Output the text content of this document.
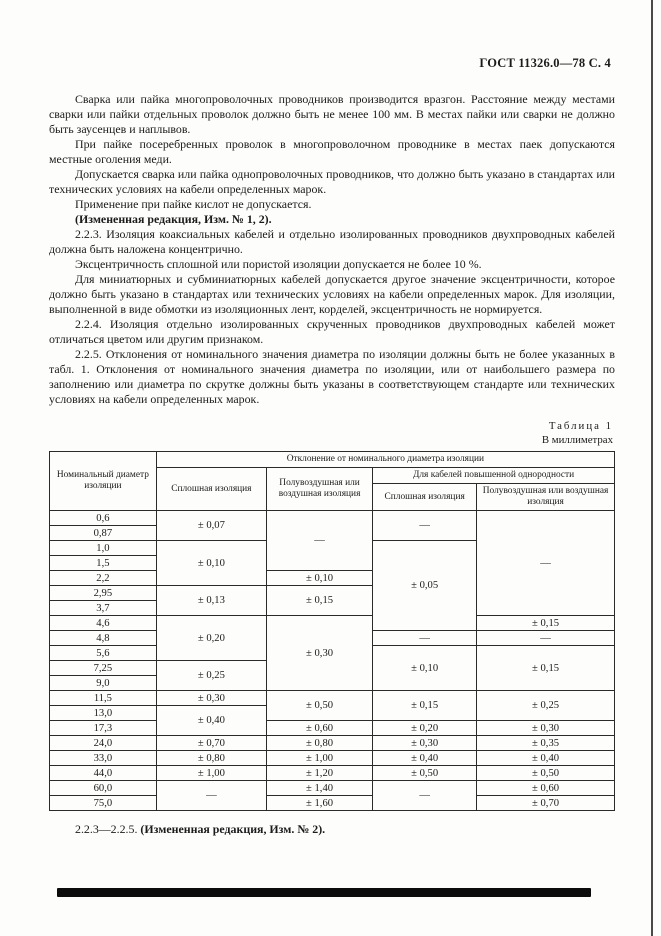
ГОСТ 11326.0—78 С. 4

Сварка или пайка многопроволочных проводников производится вразгон. Расстояние между местами сварки или пайки отдельных проволок должно быть не менее 100 мм. В местах пайки или сварки не должно быть заусенцев и наплывов.

При пайке посеребренных проволок в многопроволочном проводнике в местах паек допускаются местные оголения меди.

Допускается сварка или пайка однопроволочных проводников, что должно быть указано в стандартах или технических условиях на кабели определенных марок.

Применение при пайке кислот не допускается.

(Измененная редакция, Изм. № 1, 2).

2.2.3. Изоляция коаксиальных кабелей и отдельно изолированных проводников двухпроводных кабелей должна быть наложена концентрично.

Эксцентричность сплошной или пористой изоляции допускается не более 10 %.

Для миниатюрных и субминиатюрных кабелей допускается другое значение эксцентричности, которое должно быть указано в стандартах или технических условиях на кабели определенных марок. Для изоляции, выполненной в виде обмотки из изоляционных лент, корделей, эксцентричность не нормируется.

2.2.4. Изоляция отдельно изолированных скрученных проводников двухпроводных кабелей может отличаться цветом или другим признаком.

2.2.5. Отклонения от номинального значения диаметра по изоляции должны быть не более указанных в табл. 1. Отклонения от номинального значения диаметра по изоляции, или от наибольшего размера по заполнению или диаметра по скрутке должны быть указаны в соответствующем стандарте или технических условиях на кабели определенных марок.

Таблица 1
В миллиметрах
Номинальный диаметр изоляции	Отклонение от номинального диаметра изоляции			
	Сплошная изоляция	Полувоздушная или воздушная изоляция	Для кабелей повышенной однородности	
			Сплошная изоляция	Полувоздушная или воздушная изоляция
0,6	± 0,07	—	—	—
0,87				
1,0	± 0,10		± 0,05	
1,5				
2,2		± 0,10		
2,95	± 0,13	± 0,15		
3,7				
4,6	± 0,20	± 0,30		± 0,15
4,8			—	—
5,6			± 0,10	± 0,15
7,25	± 0,25			
9,0				
11,5	± 0,30	± 0,50	± 0,15	± 0,25
13,0	± 0,40			
17,3		± 0,60	± 0,20	± 0,30
24,0	± 0,70	± 0,80	± 0,30	± 0,35
33,0	± 0,80	± 1,00	± 0,40	± 0,40
44,0	± 1,00	± 1,20	± 0,50	± 0,50
60,0	—	± 1,40	—	± 0,60
75,0		± 1,60		± 0,70

2.2.3—2.2.5. (Измененная редакция, Изм. № 2).
